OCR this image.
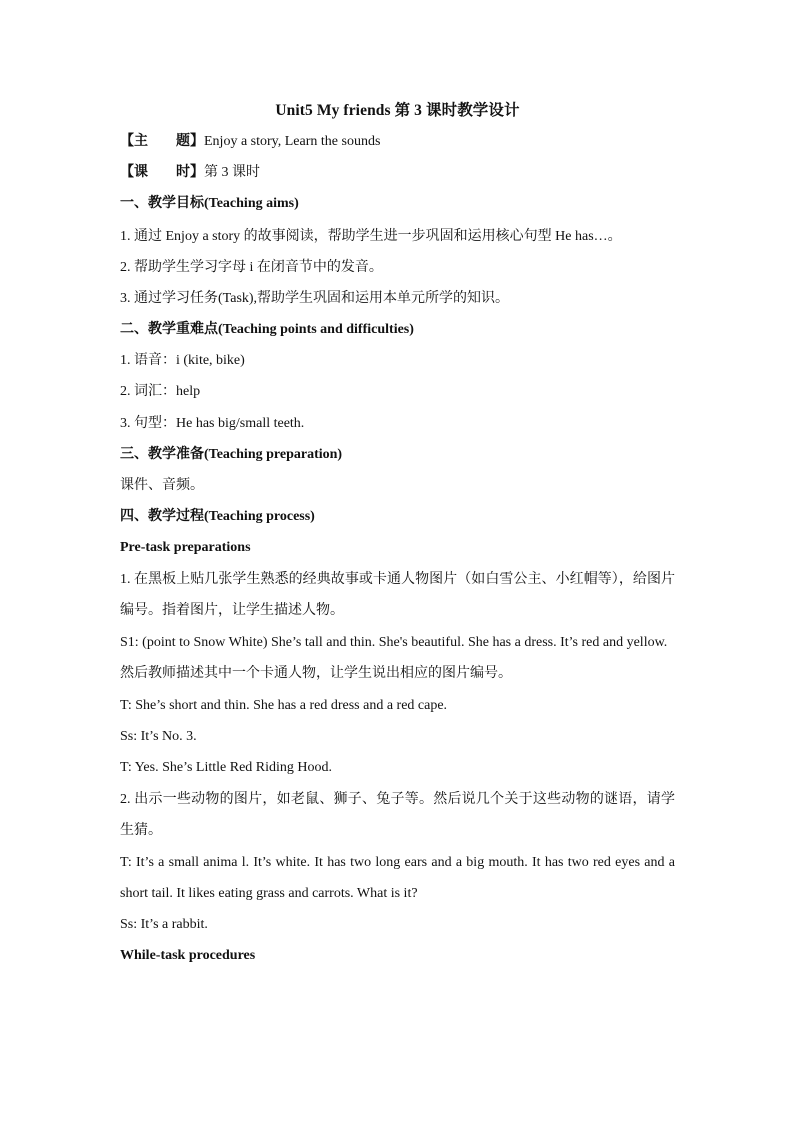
Unit5 My friends 第 3 课时教学设计
【主 题】Enjoy a story, Learn the sounds
【课 时】第 3 课时
一、教学目标(Teaching aims)
1. 通过 Enjoy a story 的故事阅读，帮助学生进一步巩固和运用核心句型 He has…。
2. 帮助学生学习字母 i 在闭音节中的发音。
3. 通过学习任务(Task),帮助学生巩固和运用本单元所学的知识。
二、教学重难点(Teaching points and difficulties)
1. 语音：i (kite, bike)
2. 词汇：help
3. 句型：He has big/small teeth.
三、教学准备(Teaching preparation)
课件、音频。
四、教学过程(Teaching process)
Pre-task preparations
1. 在黑板上贴几张学生熟悉的经典故事或卡通人物图片（如白雪公主、小红帽等），给图片编号。指着图片，让学生描述人物。
S1: (point to Snow White) She’s tall and thin. She's beautiful. She has a dress. It’s red and yellow.
然后教师描述其中一个卡通人物，让学生说出相应的图片编号。
T: She’s short and thin. She has a red dress and a red cape.
Ss: It’s No. 3.
T: Yes. She’s Little Red Riding Hood.
2. 出示一些动物的图片，如老鼠、狮子、兔子等。然后说几个关于这些动物的谜语，请学生猜。
T: It’s a small anima l. It’s white. It has two long ears and a big mouth. It has two red eyes and a short tail. It likes eating grass and carrots. What is it?
Ss: It’s a rabbit.
While-task procedures
